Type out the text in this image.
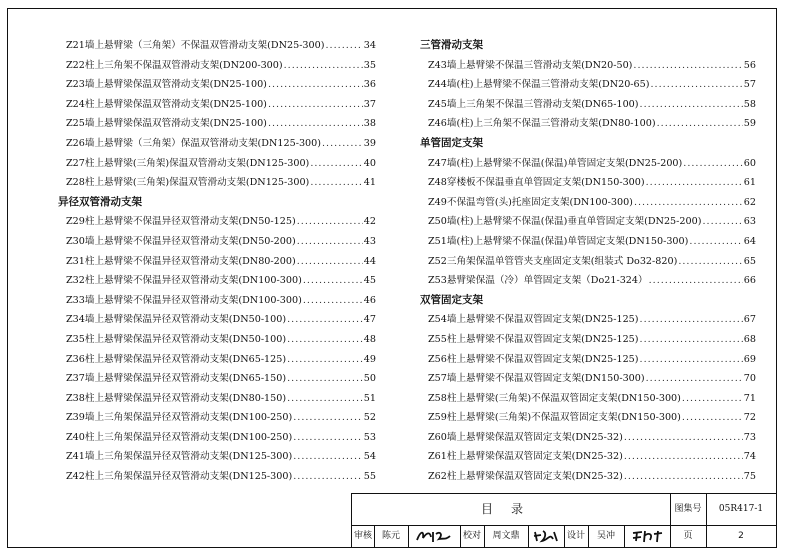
Z21 墙上悬臂梁（三角架）不保温双管滑动支架(DN25-300) .....	34
Z22 柱上三角架不保温双管滑动支架(DN200-300) .....	35
Z23 墙上悬臂梁保温双管滑动支架(DN25-100) .....	36
Z24 柱上悬臂梁保温双管滑动支架(DN25-100) .....	37
Z25 墙上悬臂梁保温双管滑动支架(DN25-100) .....	38
Z26 墙上悬臂梁（三角架）保温双管滑动支架(DN125-300) .....	39
Z27 柱上悬臂梁(三角架)保温双管滑动支架(DN125-300) .....	40
Z28 柱上悬臂梁(三角架)保温双管滑动支架(DN125-300) .....	41
异径双管滑动支架
Z29 柱上悬臂梁不保温异径双管滑动支架(DN50-125) .....	42
Z30 墙上悬臂梁不保温异径双管滑动支架(DN50-200) .....	43
Z31 柱上悬臂梁不保温异径双管滑动支架(DN80-200) .....	44
Z32 柱上悬臂梁不保温异径双管滑动支架(DN100-300) .....	45
Z33 墙上悬臂梁不保温异径双管滑动支架(DN100-300) .....	46
Z34 墙上悬臂梁保温异径双管滑动支架(DN50-100) .....	47
Z35 柱上悬臂梁保温异径双管滑动支架(DN50-100) .....	48
Z36 柱上悬臂梁保温异径双管滑动支架(DN65-125) .....	49
Z37 墙上悬臂梁保温异径双管滑动支架(DN65-150) .....	50
Z38 柱上悬臂梁保温异径双管滑动支架(DN80-150) .....	51
Z39 墙上三角架保温异径双管滑动支架(DN100-250) .....	52
Z40 柱上三角架保温异径双管滑动支架(DN100-250) .....	53
Z41 墙上三角架保温异径双管滑动支架(DN125-300) .....	54
Z42 柱上三角架保温异径双管滑动支架(DN125-300) .....	55
三管滑动支架
Z43 墙上悬臂梁不保温三管滑动支架(DN20-50) .....	56
Z44 墙(柱)上悬臂梁不保温三管滑动支架(DN20-65) .....	57
Z45 墙上三角架不保温三管滑动支架(DN65-100) .....	58
Z46 墙(柱)上三角架不保温三管滑动支架(DN80-100) .....	59
单管固定支架
Z47 墙(柱)上悬臂梁不保温(保温)单管固定支架(DN25-200) .....	60
Z48 穿楼板不保温垂直单管固定支架(DN150-300) .....	61
Z49 不保温弯管(头)托座固定支架(DN100-300) .....	62
Z50 墙(柱)上悬臂梁不保温(保温)垂直单管固定支架(DN25-200) .....	63
Z51 墙(柱)上悬臂梁不保温(保温)单管固定支架(DN150-300) .....	64
Z52 三角架保温单管管夹支座固定支架(组装式 Do32-820) .....	65
Z53 悬臂梁保温（冷）单管固定支架（Do21-324） .....	66
双管固定支架
Z54 墙上悬臂梁不保温双管固定支架(DN25-125) .....	67
Z55 柱上悬臂梁不保温双管固定支架(DN25-125) .....	68
Z56 柱上悬臂梁不保温双管固定支架(DN25-125) .....	69
Z57 墙上悬臂梁不保温双管固定支架(DN150-300) .....	70
Z58 柱上悬臂梁(三角架)不保温双管固定支架(DN150-300) .....	71
Z59 柱上悬臂梁(三角架)不保温双管固定支架(DN150-300) .....	72
Z60 墙上悬臂梁保温双管固定支架(DN25-32) .....	73
Z61 柱上悬臂梁保温双管固定支架(DN25-32) .....	74
Z62 柱上悬臂梁保温双管固定支架(DN25-32) .....	75
目录	图集号	05R417-1
审核	陈元	校对	周文鼎	设计	吴冲	页	2
